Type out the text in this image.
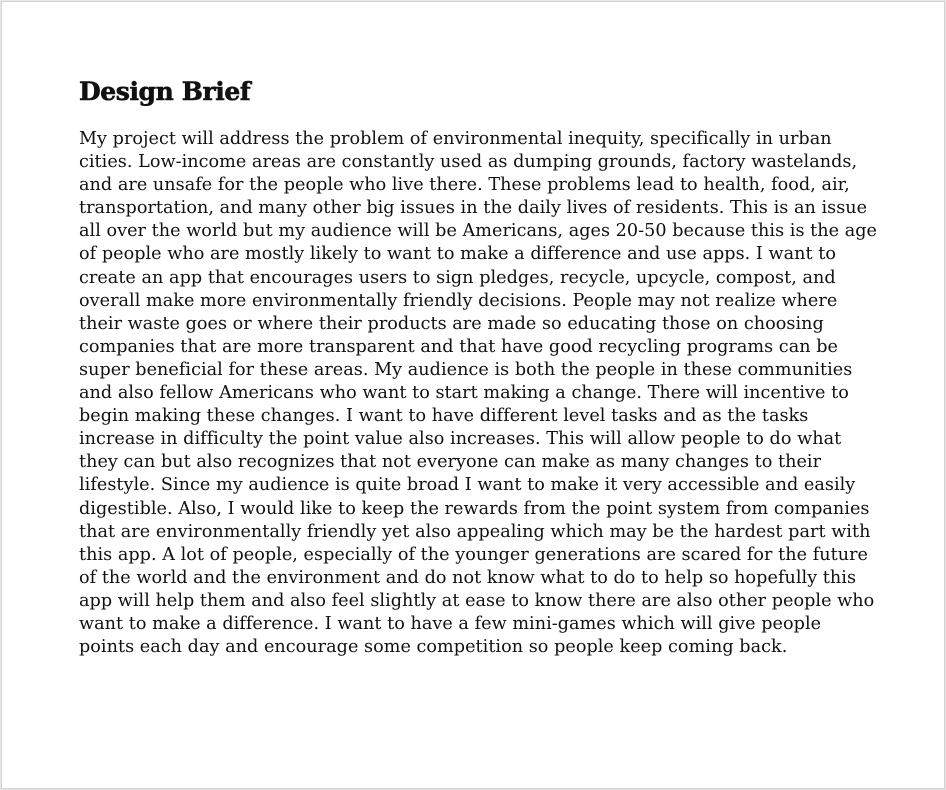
Design Brief

My project will address the problem of environmental inequity, specifically in urban cities. Low-income areas are constantly used as dumping grounds, factory wastelands, and are unsafe for the people who live there. These problems lead to health, food, air, transportation, and many other big issues in the daily lives of residents. This is an issue all over the world but my audience will be Americans, ages 20-50 because this is the age of people who are mostly likely to want to make a difference and use apps. I want to create an app that encourages users to sign pledges, recycle, upcycle, compost, and overall make more environmentally friendly decisions. People may not realize where their waste goes or where their products are made so educating those on choosing companies that are more transparent and that have good recycling programs can be super beneficial for these areas. My audience is both the people in these communities and also fellow Americans who want to start making a change. There will incentive to begin making these changes. I want to have different level tasks and as the tasks increase in difficulty the point value also increases. This will allow people to do what they can but also recognizes that not everyone can make as many changes to their lifestyle. Since my audience is quite broad I want to make it very accessible and easily digestible. Also, I would like to keep the rewards from the point system from companies that are environmentally friendly yet also appealing which may be the hardest part with this app. A lot of people, especially of the younger generations are scared for the future of the world and the environment and do not know what to do to help so hopefully this app will help them and also feel slightly at ease to know there are also other people who want to make a difference. I want to have a few mini-games which will give people points each day and encourage some competition so people keep coming back.
